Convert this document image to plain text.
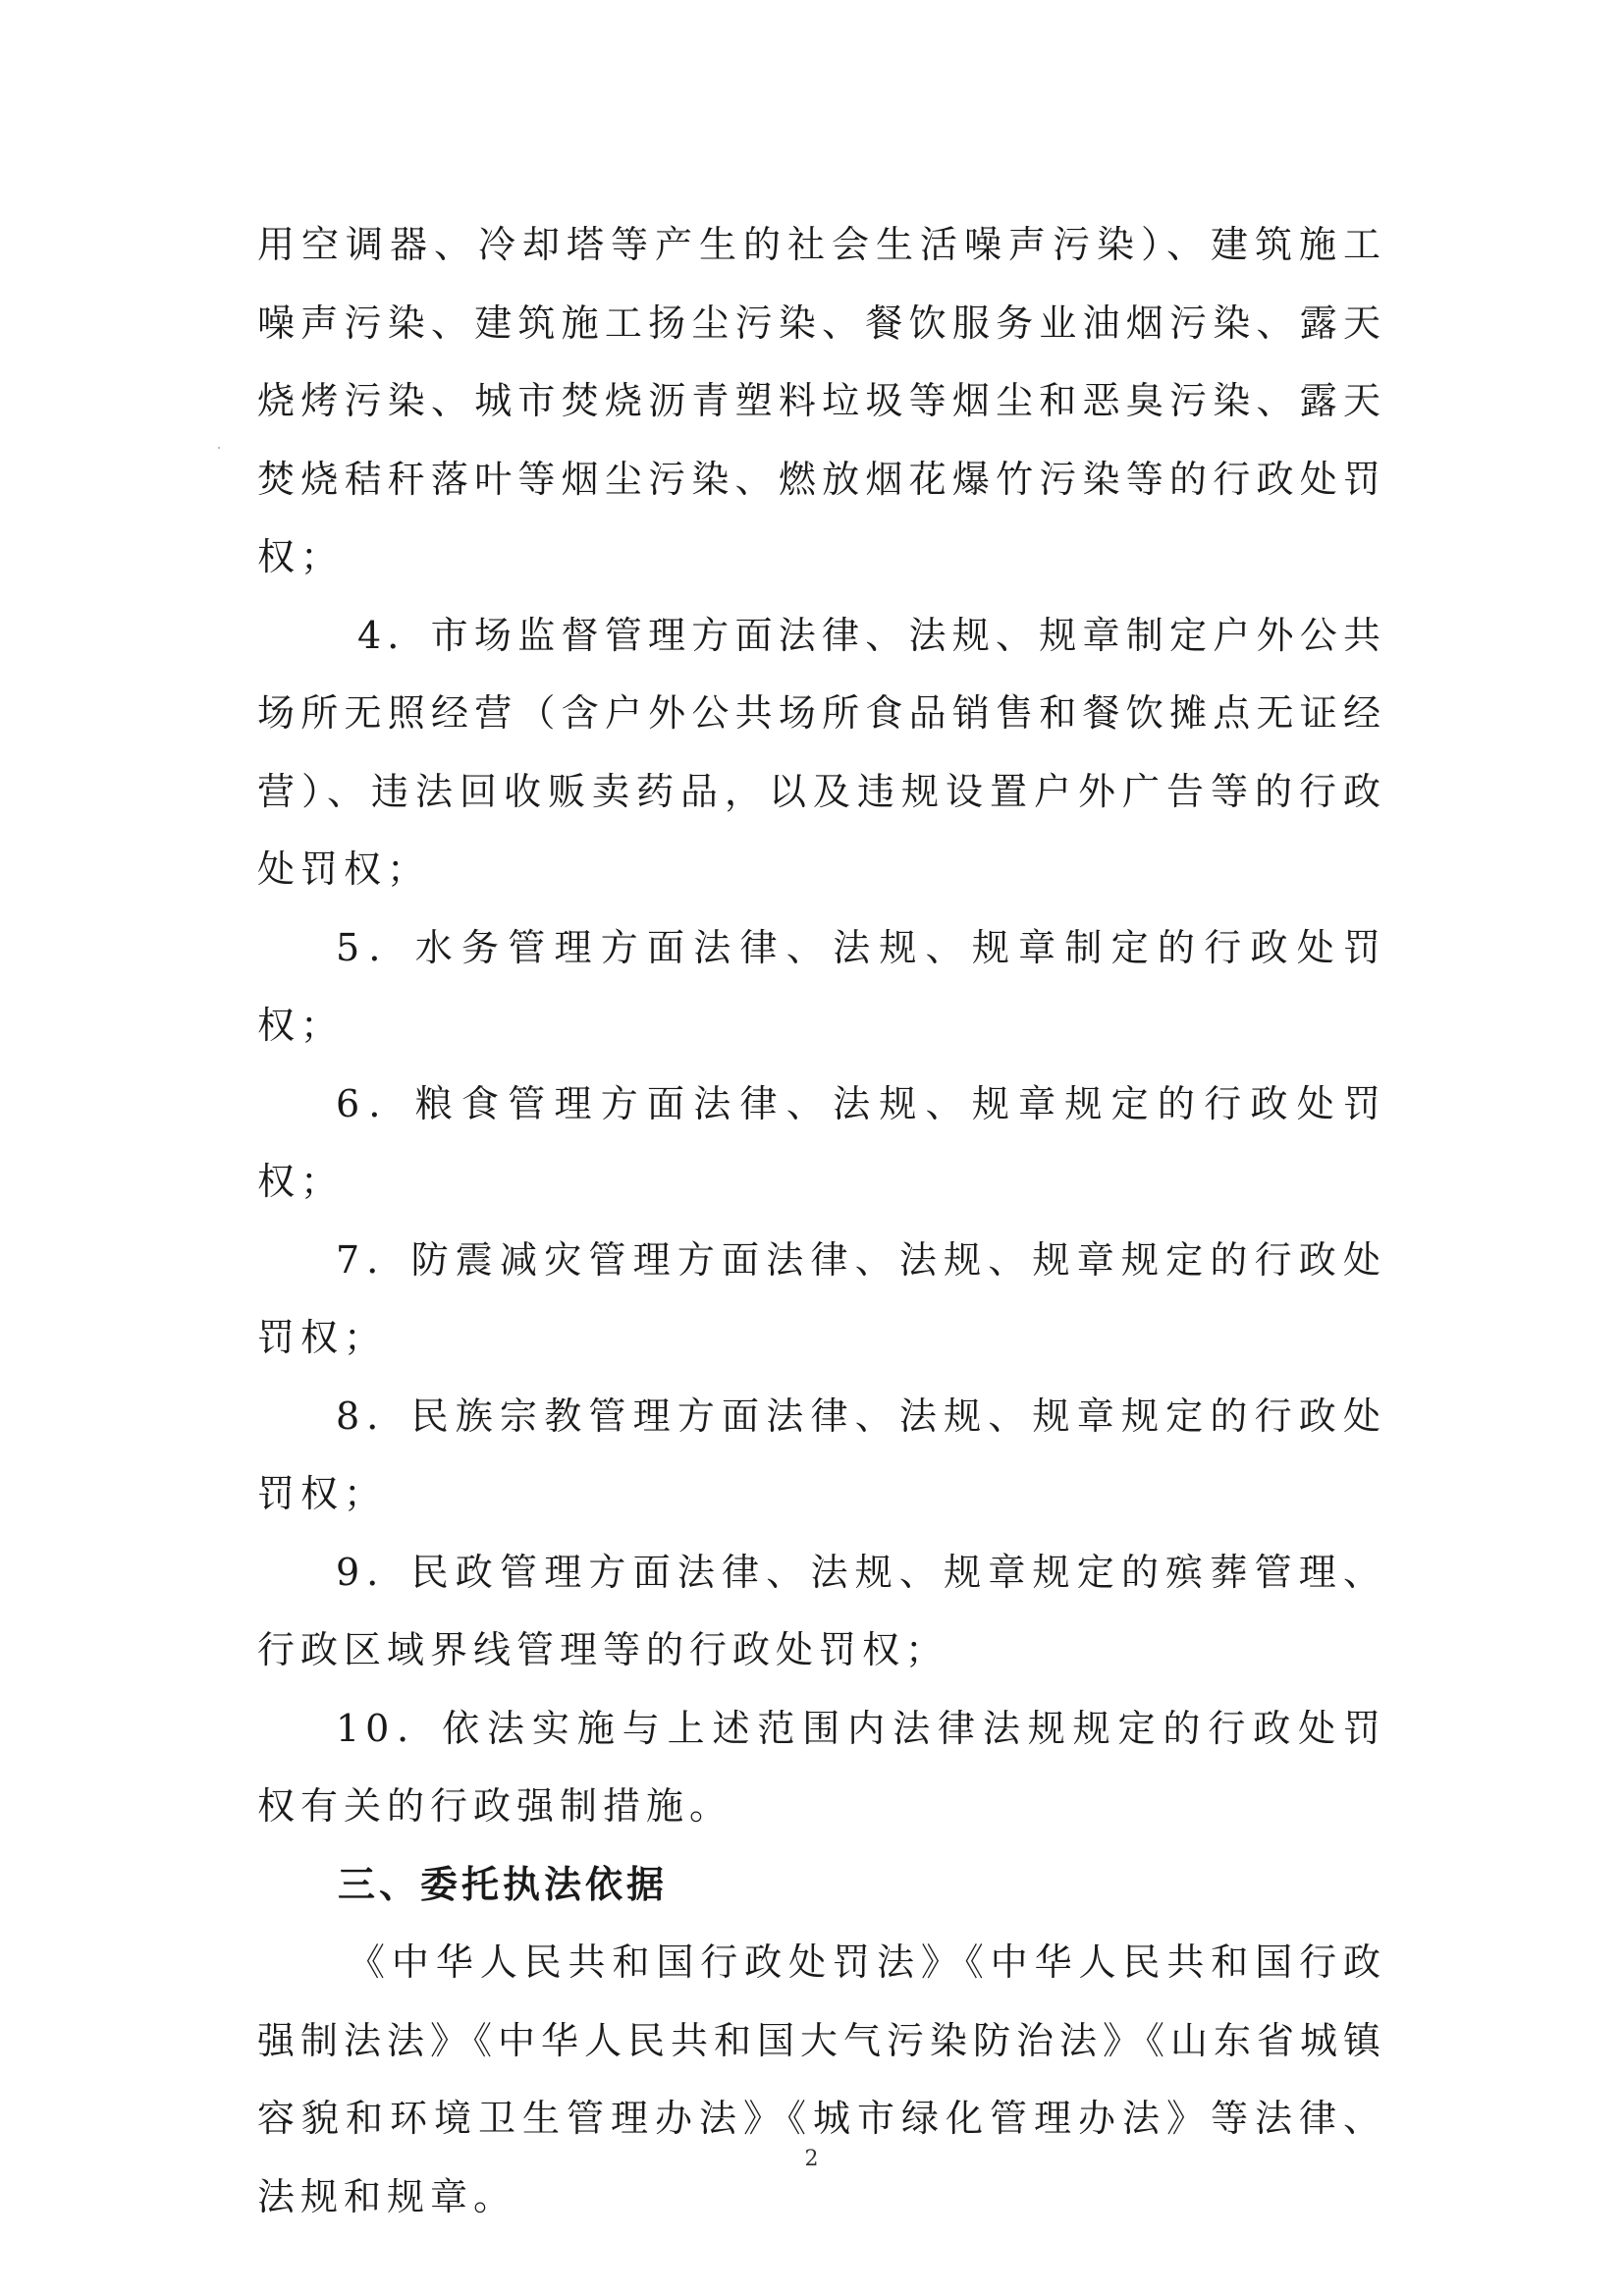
用空调器、冷却塔等产生的社会生活噪声污染）、建筑施工噪声污染、建筑施工扬尘污染、餐饮服务业油烟污染、露天烧烤污染、城市焚烧沥青塑料垃圾等烟尘和恶臭污染、露天焚烧秸秆落叶等烟尘污染、燃放烟花爆竹污染等的行政处罚权；

4．市场监督管理方面法律、法规、规章制定户外公共场所无照经营（含户外公共场所食品销售和餐饮摊点无证经营）、违法回收贩卖药品，以及违规设置户外广告等的行政处罚权；

5．水务管理方面法律、法规、规章制定的行政处罚权；

6．粮食管理方面法律、法规、规章规定的行政处罚权；

7．防震减灾管理方面法律、法规、规章规定的行政处罚权；

8．民族宗教管理方面法律、法规、规章规定的行政处罚权；

9．民政管理方面法律、法规、规章规定的殡葬管理、行政区域界线管理等的行政处罚权；

10．依法实施与上述范围内法律法规规定的行政处罚权有关的行政强制措施。

三、委托执法依据

《中华人民共和国行政处罚法》《中华人民共和国行政强制法法》《中华人民共和国大气污染防治法》《山东省城镇容貌和环境卫生管理办法》《城市绿化管理办法》等法律、法规和规章。

2
